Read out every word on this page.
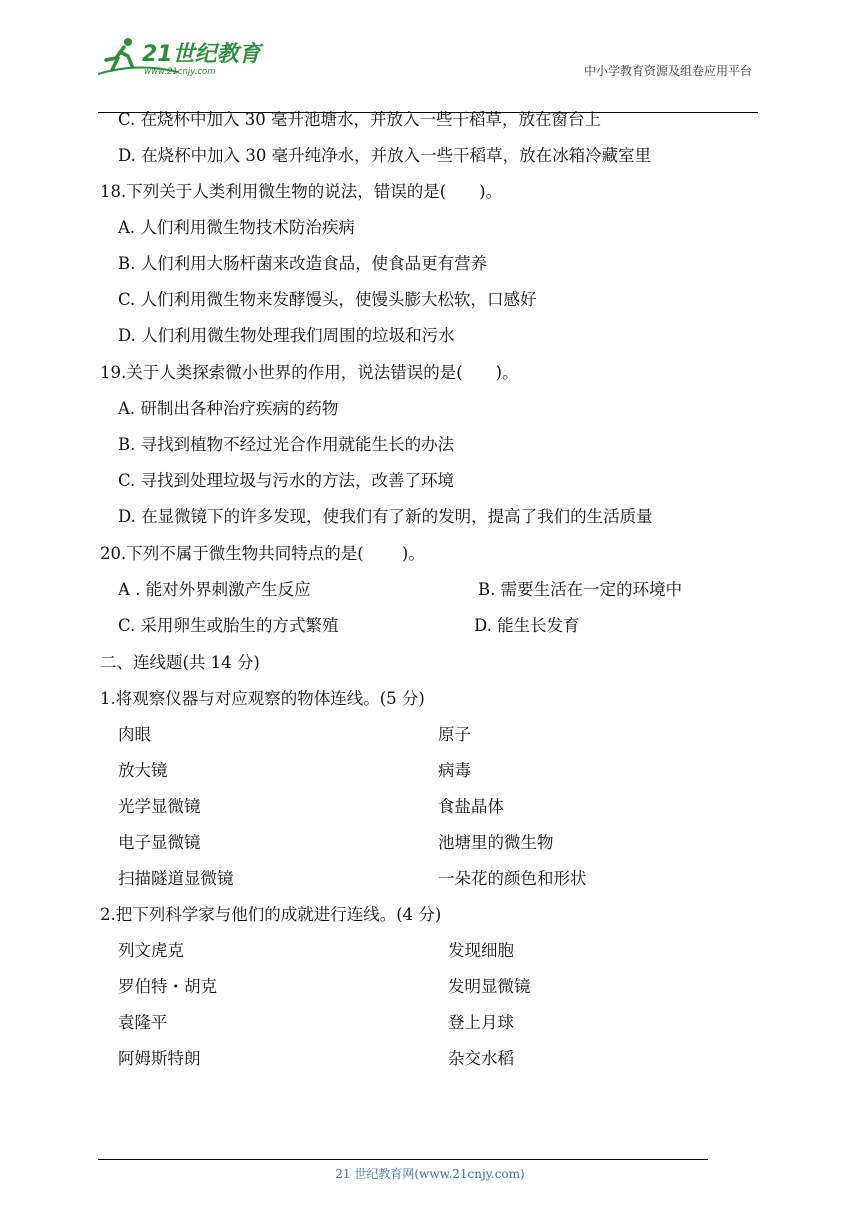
21世纪教育
www.21cnjy.com	中小学教育资源及组卷应用平台
C. 在烧杯中加入 30 毫升池塘水，并放入一些干稻草，放在窗台上
D. 在烧杯中加入 30 毫升纯净水，并放入一些干稻草，放在冰箱冷藏室里
18.下列关于人类利用微生物的说法，错误的是(　　)。
A. 人们利用微生物技术防治疾病
B. 人们利用大肠杆菌来改造食品，使食品更有营养
C. 人们利用微生物来发酵馒头，使馒头膨大松软，口感好
D. 人们利用微生物处理我们周围的垃圾和污水
19.关于人类探索微小世界的作用，说法错误的是(　　)。
A. 研制出各种治疗疾病的药物
B. 寻找到植物不经过光合作用就能生长的办法
C. 寻找到处理垃圾与污水的方法，改善了环境
D. 在显微镜下的许多发现，使我们有了新的发明，提高了我们的生活质量
20.下列不属于微生物共同特点的是(　　 )。
A . 能对外界刺激产生反应	B. 需要生活在一定的环境中
C. 采用卵生或胎生的方式繁殖	D. 能生长发育
二、连线题(共 14 分)
1.将观察仪器与对应观察的物体连线。(5 分)
肉眼	原子
放大镜	病毒
光学显微镜	食盐晶体
电子显微镜	池塘里的微生物
扫描隧道显微镜	一朵花的颜色和形状
2.把下列科学家与他们的成就进行连线。(4 分)
列文虎克	发现细胞
罗伯特・胡克	发明显微镜
袁隆平	登上月球
阿姆斯特朗	杂交水稻
21 世纪教育网(www.21cnjy.com)
